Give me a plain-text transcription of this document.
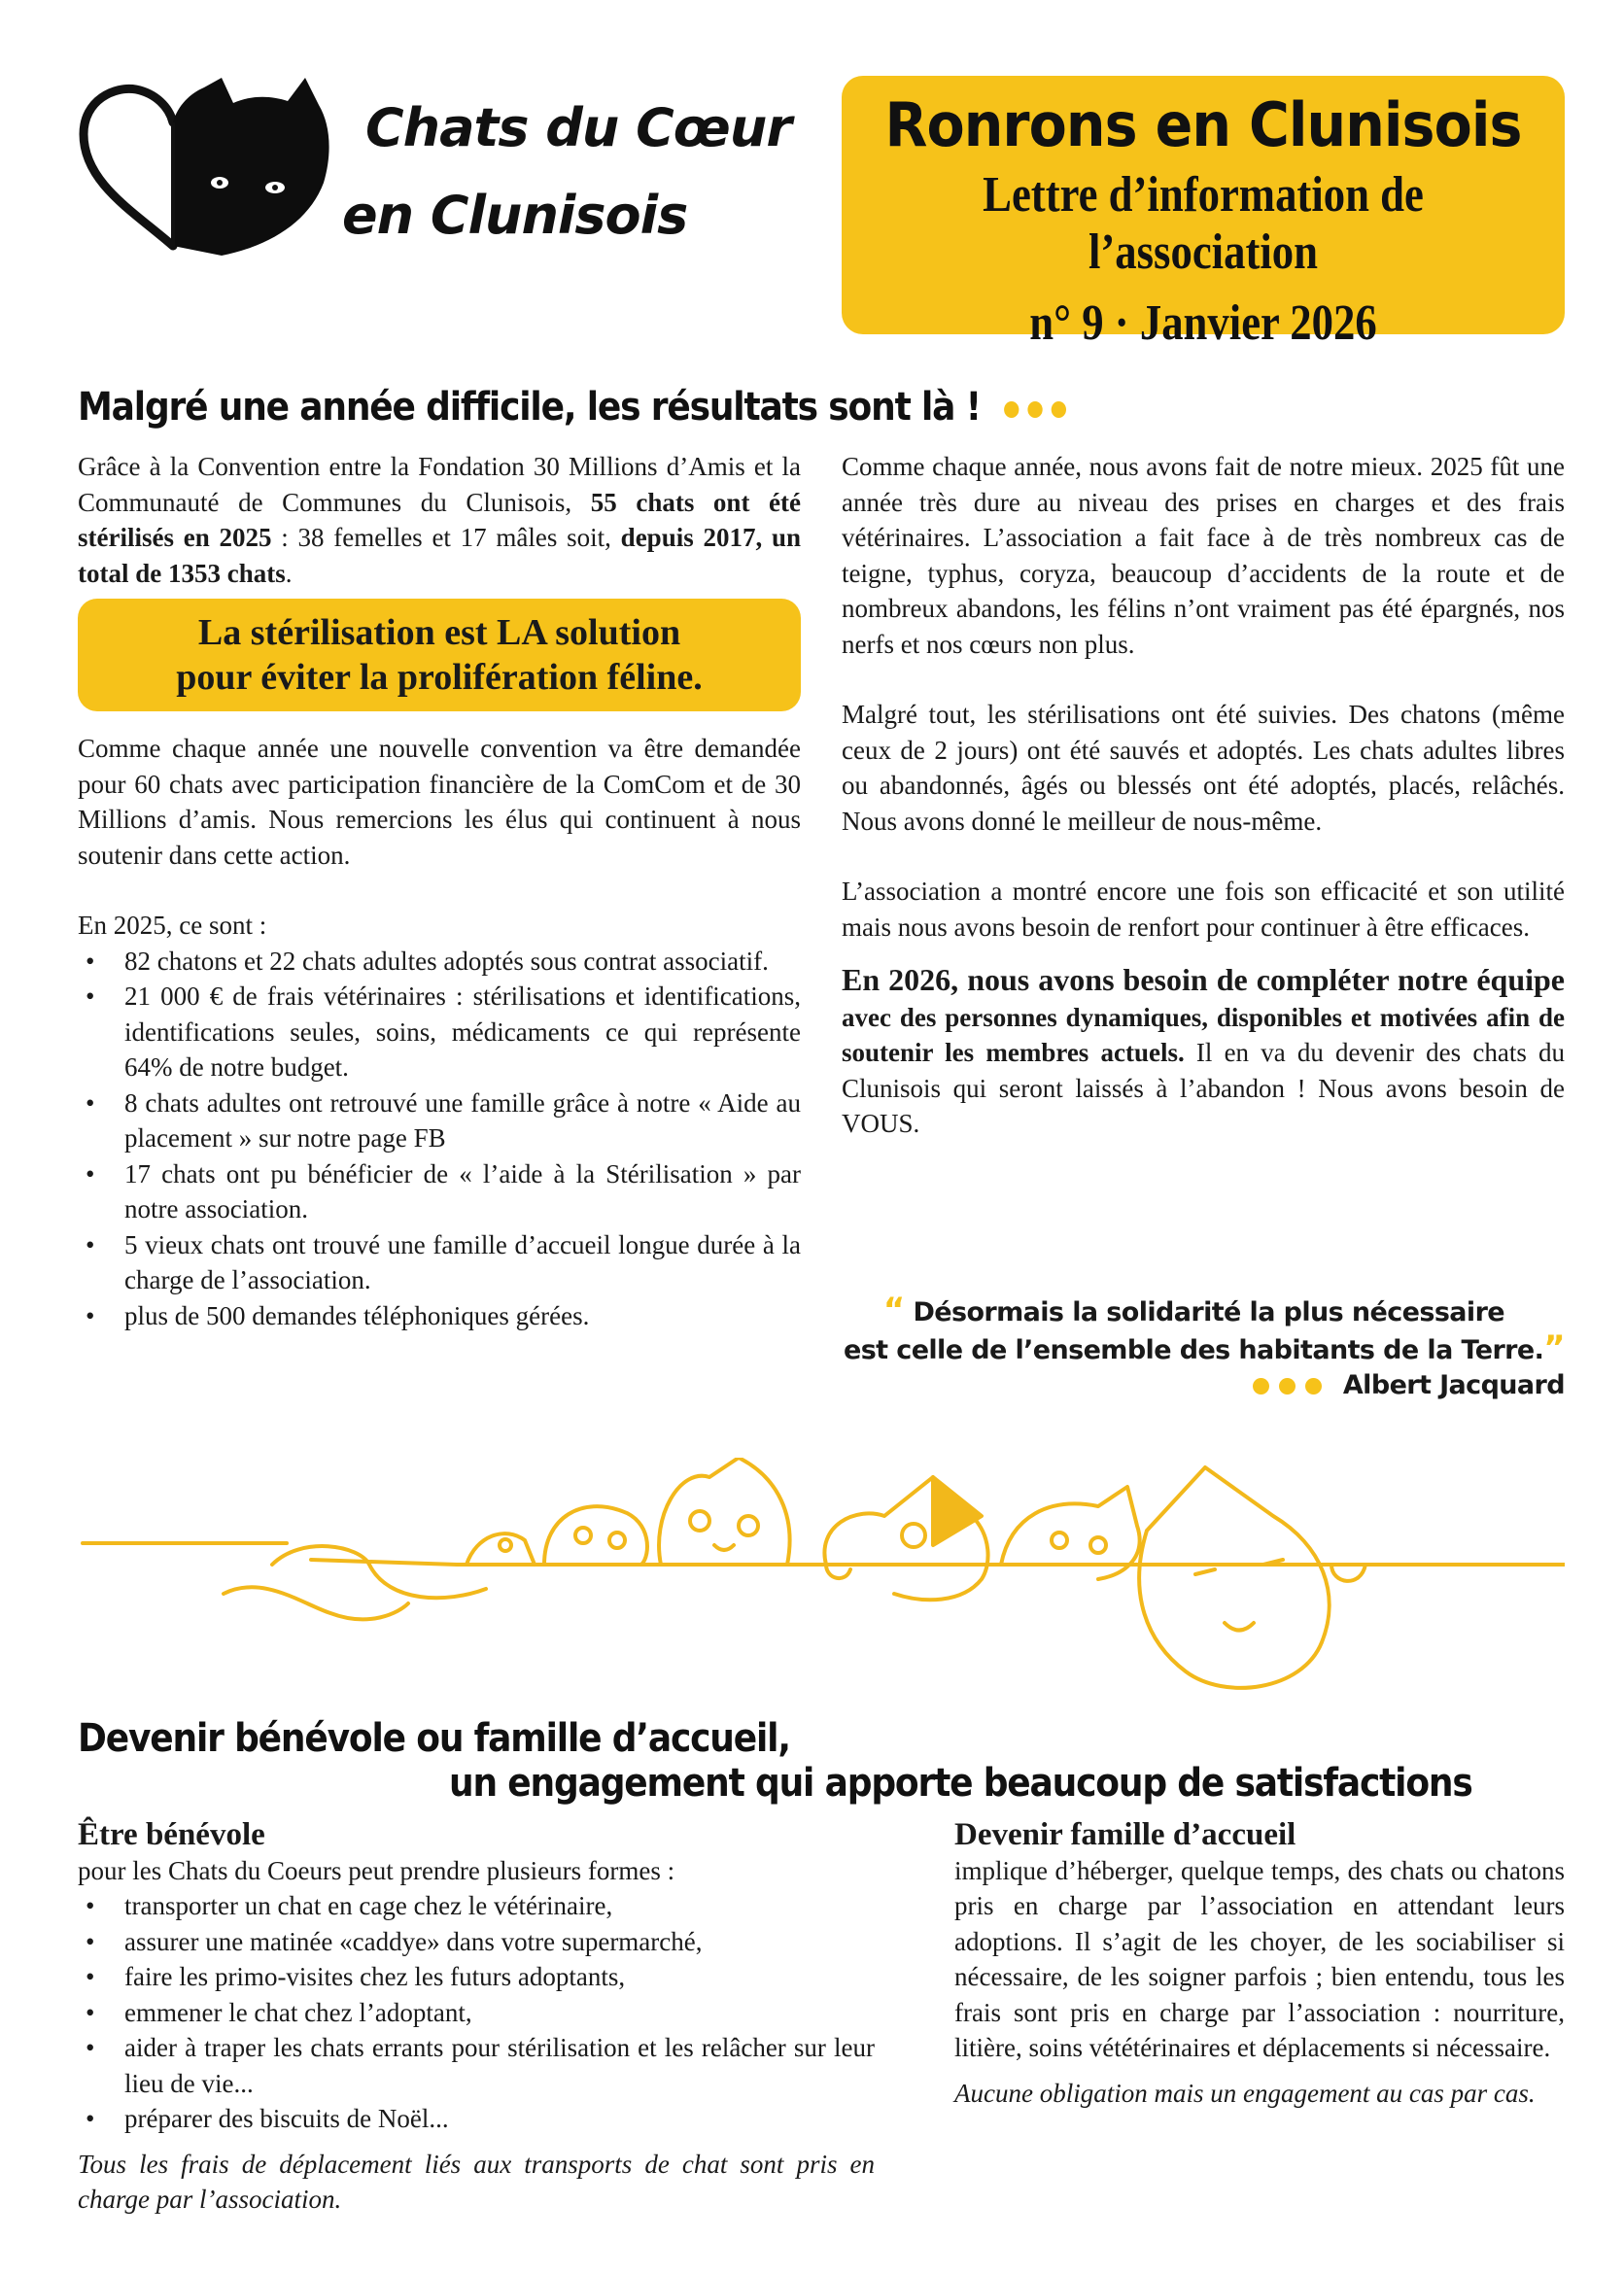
Chats du Cœur
en Clunisois
Ronrons en Clunisois
Lettre d’information de l’association
n° 9 · Janvier 2026
Malgré une année difficile, les résultats sont là !

Grâce à la Convention entre la Fondation 30 Millions d’Amis et la Communauté de Communes du Clunisois, 55 chats ont été stérilisés en 2025 : 38 femelles et 17 mâles soit, depuis 2017, un total de 1353 chats.

La stérilisation est LA solution
pour éviter la prolifération féline.

Comme chaque année une nouvelle convention va être demandée pour 60 chats avec participation financière de la ComCom et de 30 Millions d’amis. Nous remercions les élus qui continuent à nous soutenir dans cette action.

En 2025, ce sont :

• 82 chatons et 22 chats adultes adoptés sous contrat associatif.
• 21 000 € de frais vétérinaires : stérilisations et identifications, identifications seules, soins, médicaments ce qui représente 64% de notre budget.
• 8 chats adultes ont retrouvé une famille grâce à notre « Aide au placement » sur notre page FB
• 17 chats ont pu bénéficier de « l’aide à la Stérilisation » par notre association.
• 5 vieux chats ont trouvé une famille d’accueil longue durée à la charge de l’association.
• plus de 500 demandes téléphoniques gérées.

Comme chaque année, nous avons fait de notre mieux. 2025 fût une année très dure au niveau des prises en charges et des frais vétérinaires. L’association a fait face à de très nombreux cas de teigne, typhus, coryza, beaucoup d’accidents de la route et de nombreux abandons, les félins n’ont vraiment pas été épargnés, nos nerfs et nos cœurs non plus.

Malgré tout, les stérilisations ont été suivies. Des chatons (même ceux de 2 jours) ont été sauvés et adoptés. Les chats adultes libres ou abandonnés, âgés ou blessés ont été adoptés, placés, relâchés. Nous avons donné le meilleur de nous-même.

L’association a montré encore une fois son efficacité et son utilité mais nous avons besoin de renfort pour continuer à être efficaces.

En 2026, nous avons besoin de compléter notre équipe avec des personnes dynamiques, disponibles et motivées afin de soutenir les membres actuels. Il en va du devenir des chats du Clunisois qui seront laissés à l’abandon ! Nous avons besoin de VOUS.

“ Désormais la solidarité la plus nécessaire
est celle de l’ensemble des habitants de la Terre.”
Albert Jacquard
Devenir bénévole ou famille d’accueil,
un engagement qui apporte beaucoup de satisfactions
Être bénévole

pour les Chats du Coeurs peut prendre plusieurs formes :

• transporter un chat en cage chez le vétérinaire,
• assurer une matinée «caddye» dans votre supermarché,
• faire les primo-visites chez les futurs adoptants,
• emmener le chat chez l’adoptant,
• aider à traper les chats errants pour stérilisation et les relâcher sur leur lieu de vie...
• préparer des biscuits de Noël...

Tous les frais de déplacement liés aux transports de chat sont pris en charge par l’association.

Devenir famille d’accueil

implique d’héberger, quelque temps, des chats ou chatons pris en charge par l’association en attendant leurs adoptions. Il s’agit de les choyer, de les sociabiliser si nécessaire, de les soigner parfois ; bien entendu, tous les frais sont pris en charge par l’association : nourriture, litière, soins vététérinaires et déplacements si nécessaire.

Aucune obligation mais un engagement au cas par cas.
